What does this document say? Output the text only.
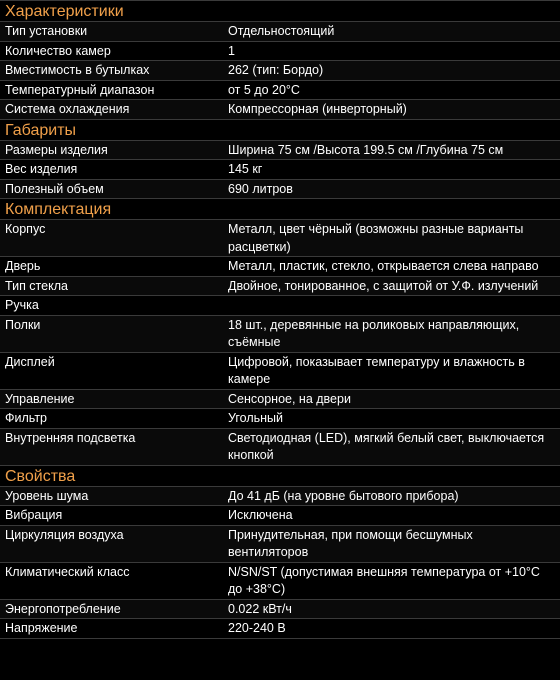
Характеристики
Тип установки	Отдельностоящий
Количество камер	1
Вместимость в бутылках	262 (тип: Бордо)
Температурный диапазон	от 5 до 20°С
Система охлаждения	Компрессорная (инверторный)
Габариты
Размеры изделия	Ширина 75 см /Высота 199.5 см /Глубина 75 см
Вес изделия	145 кг
Полезный объем	690 литров
Комплектация
Корпус	Металл, цвет чёрный (возможны разные варианты расцветки)
Дверь	Металл, пластик, стекло, открывается слева направо
Тип стекла	Двойное, тонированное, с защитой от У.Ф. излучений
Ручка
Полки	18 шт., деревянные на роликовых направляющих, съёмные
Дисплей	Цифровой, показывает температуру и влажность в камере
Управление	Сенсорное, на двери
Фильтр	Угольный
Внутренняя подсветка	Светодиодная (LED), мягкий белый свет, выключается кнопкой
Свойства
Уровень шума	До 41 дБ (на уровне бытового прибора)
Вибрация	Исключена
Циркуляция воздуха	Принудительная, при помощи бесшумных вентиляторов
Климатический класс	N/SN/ST (допустимая внешняя температура от +10°С до +38°С)
Энергопотребление	0.022 кВт/ч
Напряжение	220-240 В
